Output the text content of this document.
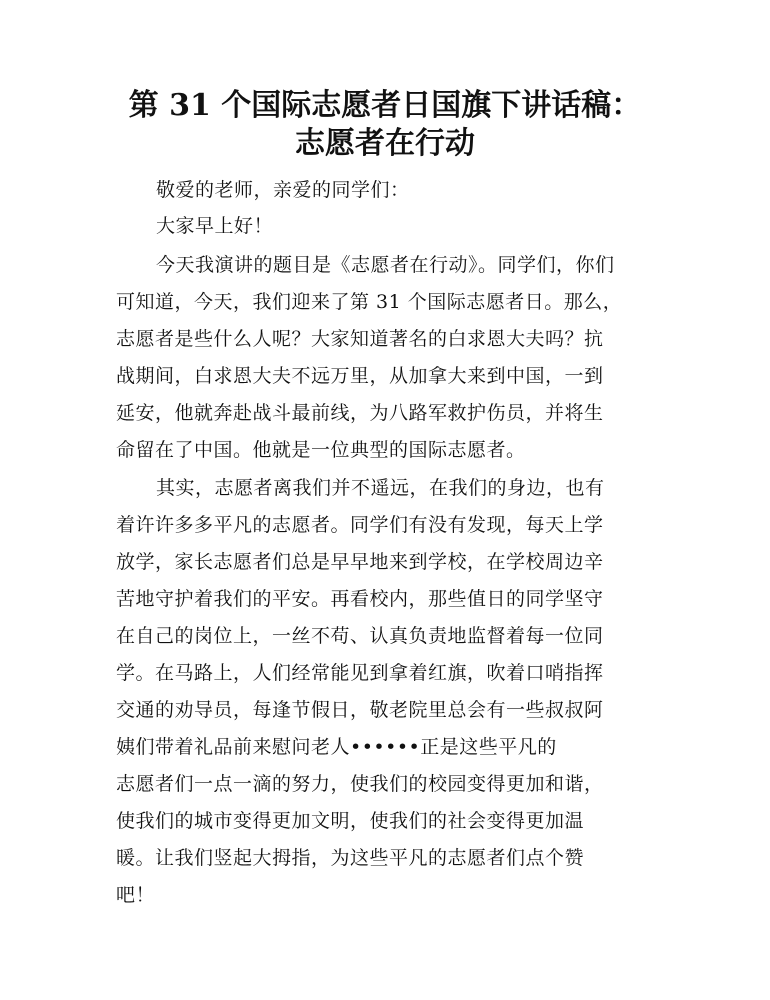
第 31 个国际志愿者日国旗下讲话稿：
志愿者在行动
敬爱的老师，亲爱的同学们：
大家早上好！
今天我演讲的题目是《志愿者在行动》。同学们，你们
可知道，今天，我们迎来了第 31 个国际志愿者日。那么，
志愿者是些什么人呢？大家知道著名的白求恩大夫吗？抗
战期间，白求恩大夫不远万里，从加拿大来到中国，一到
延安，他就奔赴战斗最前线，为八路军救护伤员，并将生
命留在了中国。他就是一位典型的国际志愿者。
其实，志愿者离我们并不遥远，在我们的身边，也有
着许许多多平凡的志愿者。同学们有没有发现，每天上学
放学，家长志愿者们总是早早地来到学校，在学校周边辛
苦地守护着我们的平安。再看校内，那些值日的同学坚守
在自己的岗位上，一丝不苟、认真负责地监督着每一位同
学。在马路上，人们经常能见到拿着红旗，吹着口哨指挥
交通的劝导员，每逢节假日，敬老院里总会有一些叔叔阿
姨们带着礼品前来慰问老人••••••正是这些平凡的
志愿者们一点一滴的努力，使我们的校园变得更加和谐，
使我们的城市变得更加文明，使我们的社会变得更加温
暖。让我们竖起大拇指，为这些平凡的志愿者们点个赞
吧！
